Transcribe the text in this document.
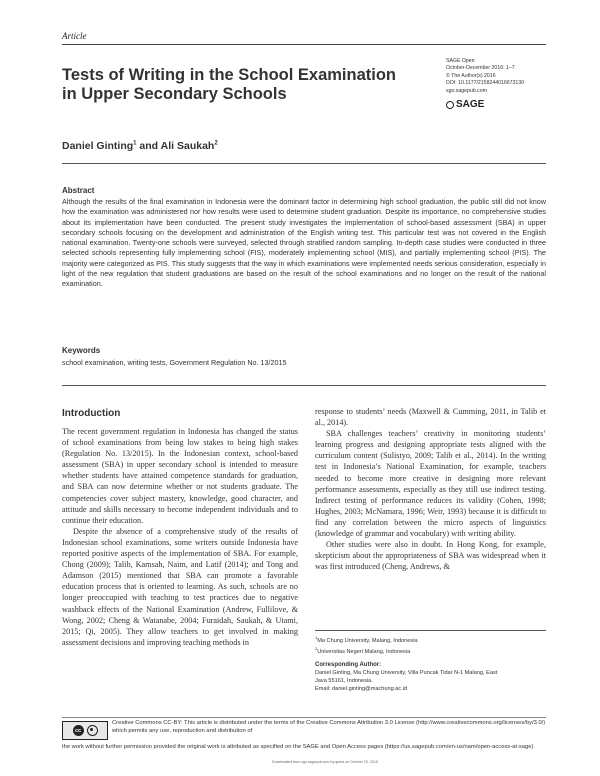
Article
Tests of Writing in the School Examination in Upper Secondary Schools
SAGE Open
October-December 2016: 1–7
© The Author(s) 2016
DOI: 10.1177/2158244016673130
sgo.sagepub.com
SAGE
Daniel Ginting$^1$ and Ali Saukah$^2$
Abstract
Although the results of the final examination in Indonesia were the dominant factor in determining high school graduation, the public still did not know how the examination was administered nor how results were used to determine student graduation. Despite its importance, no comprehensive studies about its implementation have been conducted. The present study investigates the implementation of school-based assessment (SBA) in upper secondary schools focusing on the development and administration of the English writing test. This particular test was not covered in the English national examination. Twenty-one schools were surveyed, selected through stratified random sampling. In-depth case studies were conducted in three selected schools representing fully implementing school (FIS), moderately implementing school (MIS), and partially implementing school (PIS). The majority were categorized as PIS. This study suggests that the way in which examinations were implemented needs serious consideration, especially in light of the new regulation that student graduations are based on the result of the school examinations and no longer on the result of the national examination.
Keywords
school examination, writing tests, Government Regulation No. 13/2015
Introduction

The recent government regulation in Indonesia has changed the status of school examinations from being low stakes to being high stakes (Regulation No. 13/2015). In the Indonesian context, school-based assessment (SBA) in upper secondary school is intended to measure whether students have attained competence standards for graduation, and SBA can now determine whether or not students graduate. The competencies cover subject mastery, knowledge, good character, and attitude and skills necessary to become independent individuals and to continue their education.

Despite the absence of a comprehensive study of the results of Indonesian school examinations, some writers outside Indonesia have reported positive aspects of the implementation of SBA. For example, Chong (2009); Talib, Kamsah, Naim, and Latif (2014); and Tong and Adamson (2015) mentioned that SBA can promote a favorable education process that is oriented to learning. As such, schools are no longer preoccupied with teaching to test practices due to negative washback effects of the National Examination (Andrew, Fullilove, & Wong, 2002; Cheng & Watanabe, 2004; Furaidah, Saukah, & Utami, 2015; Qi, 2005). They allow teachers to get involved in making assessment decisions and improving teaching methods in

response to students’ needs (Maxwell & Cumming, 2011, in Talib et al., 2014).

SBA challenges teachers’ creativity in monitoring students’ learning progress and designing appropriate tests aligned with the curriculum content (Sulistyo, 2009; Talib et al., 2014). In the writing test in Indonesia’s National Examination, for example, teachers needed to become more creative in designing more relevant performance assessments, especially as they still use indirect testing. Indirect testing of performance reduces its validity (Cohen, 1998; Hughes, 2003; McNamara, 1996; Weir, 1993) because it is difficult to find any correlation between the micro aspects of linguistics (knowledge of grammar and vocabulary) with writing ability.

Other studies were also in doubt. In Hong Kong, for example, skepticism about the appropriateness of SBA was widespread when it was first introduced (Cheng, Andrews, &

$^1$Ma Chung University, Malang, Indonesia
$^2$Universitas Negeri Malang, Indonesia
Corresponding Author:
Daniel Ginting, Ma Chung University, Villa Puncak Tidar N-1 Malang, East
Java 55161, Indonesia.
Email: daniel.ginting@machung.ac.id
cc
Creative Commons CC-BY: This article is distributed under the terms of the Creative Commons Attribution 3.0 License (http://www.creativecommons.org/licenses/by/3.0/) which permits any use, reproduction and distribution of
the work without further permission provided the original work is attributed as specified on the SAGE and Open Access pages (https://us.sagepub.com/en-us/nam/open-access-at-sage).
Downloaded from sgo.sagepub.com by guest on October 23, 2016
